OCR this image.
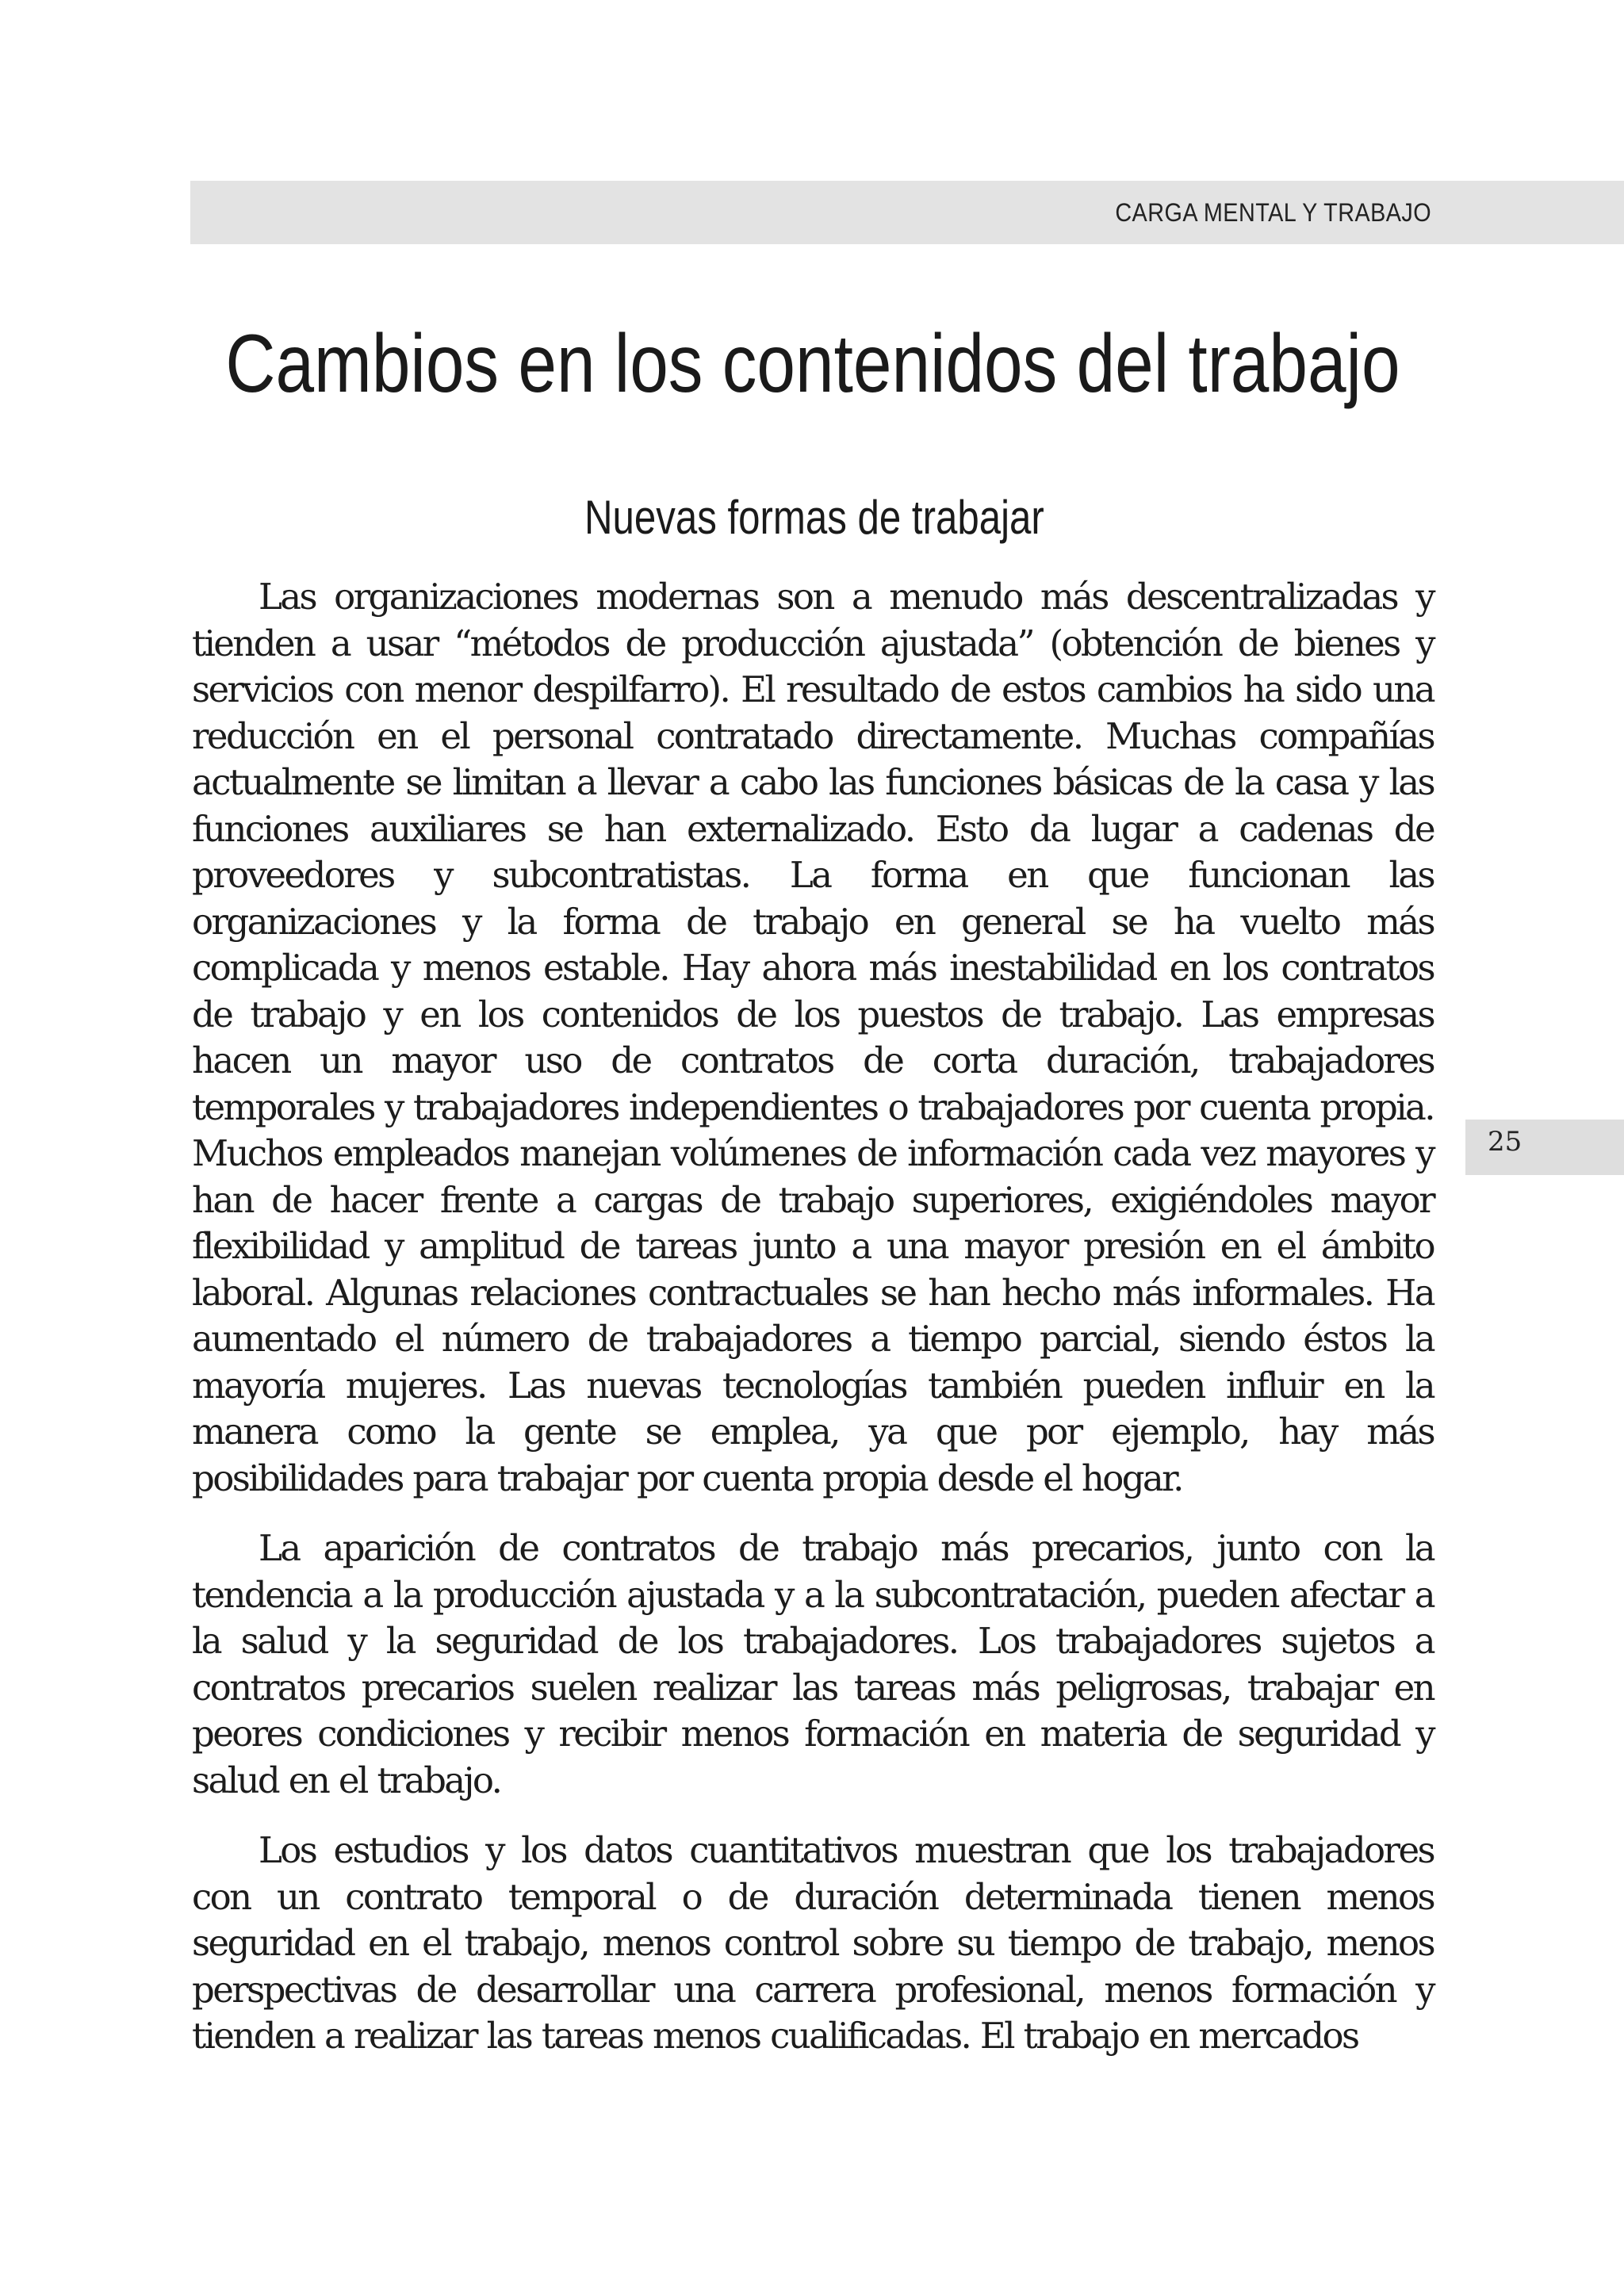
CARGA MENTAL Y TRABAJO
Cambios en los contenidos del trabajo
Nuevas formas de trabajar

Las organizaciones modernas son a menudo más descentralizadas y tienden a usar “métodos de producción ajustada” (obtención de bienes y servicios con menor despilfarro). El resultado de estos cambios ha sido una reducción en el personal contratado directamente. Muchas compañías actualmente se limitan a llevar a cabo las funciones básicas de la casa y las funciones auxiliares se han externalizado. Esto da lugar a cadenas de proveedores y subcontratistas. La forma en que funcionan las organizaciones y la forma de trabajo en general se ha vuelto más complicada y menos estable. Hay ahora más inestabilidad en los contratos de trabajo y en los contenidos de los puestos de trabajo. Las empresas hacen un mayor uso de contratos de corta duración, trabajadores temporales y trabajadores independientes o trabajadores por cuenta propia. Muchos empleados manejan volúmenes de información cada vez mayores y han de hacer frente a cargas de trabajo superiores, exigiéndoles mayor flexibilidad y amplitud de tareas junto a una mayor presión en el ámbito laboral. Algunas relaciones contractuales se han hecho más informales. Ha aumentado el número de trabajadores a tiempo parcial, siendo éstos la mayoría mujeres. Las nuevas tecnologías también pueden influir en la manera como la gente se emplea, ya que por ejemplo, hay más posibilidades para trabajar por cuenta propia desde el hogar.

La aparición de contratos de trabajo más precarios, junto con la tendencia a la producción ajustada y a la subcontratación, pueden afectar a la salud y la seguridad de los trabajadores. Los trabajadores sujetos a contratos precarios suelen realizar las tareas más peligrosas, trabajar en peores condiciones y recibir menos formación en materia de seguridad y salud en el trabajo.

Los estudios y los datos cuantitativos muestran que los trabajadores con un contrato temporal o de duración determinada tienen menos seguridad en el trabajo, menos control sobre su tiempo de trabajo, menos perspectivas de desarrollar una carrera profesional, menos formación y tienden a realizar las tareas menos cualificadas. El trabajo en mercados

25
